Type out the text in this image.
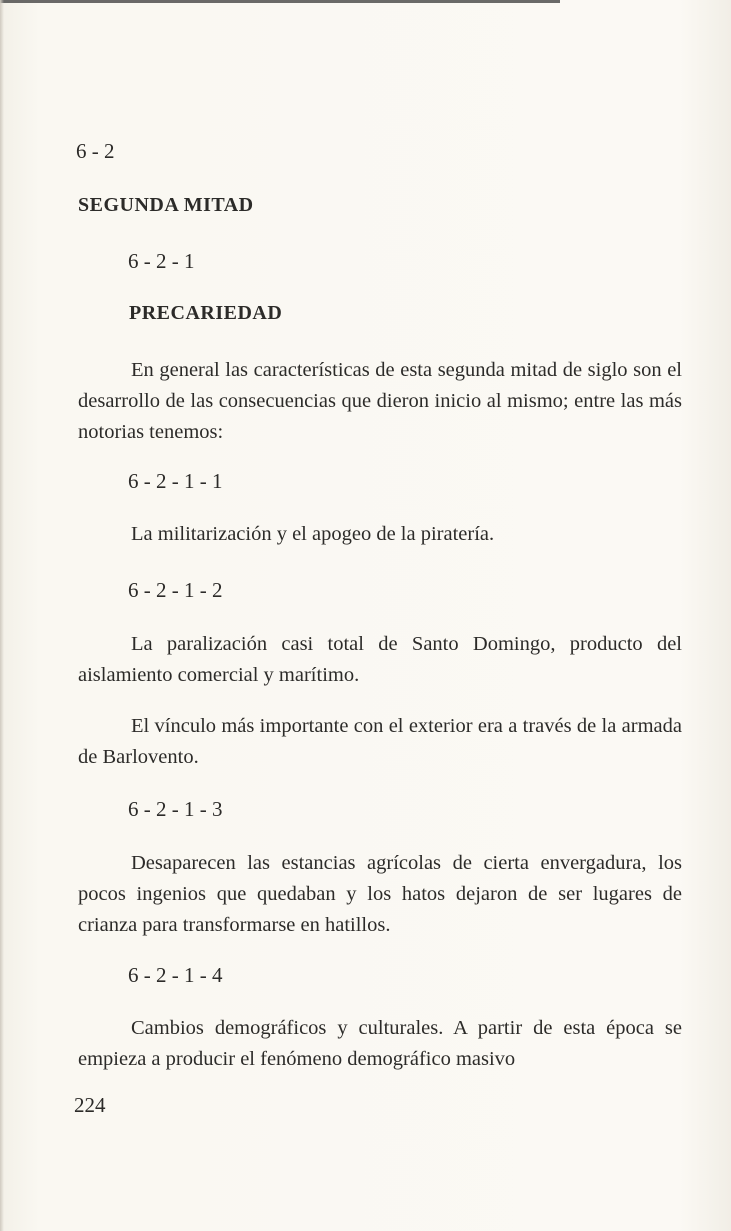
6 - 2
SEGUNDA MITAD
6 - 2 - 1
PRECARIEDAD
En general las características de esta segunda mitad de siglo son el desarrollo de las consecuencias que dieron inicio al mismo; entre las más notorias tenemos:
6 - 2 - 1 - 1
La militarización y el apogeo de la piratería.
6 - 2 - 1 - 2
La paralización casi total de Santo Domingo, producto del aislamiento comercial y marítimo.
El vínculo más importante con el exterior era a través de la armada de Barlovento.
6 - 2 - 1 - 3
Desaparecen las estancias agrícolas de cierta envergadura, los pocos ingenios que quedaban y los hatos dejaron de ser lugares de crianza para transformarse en hatillos.
6 - 2 - 1 - 4
Cambios demográficos y culturales. A partir de esta época se empieza a producir el fenómeno demográfico masivo
224
